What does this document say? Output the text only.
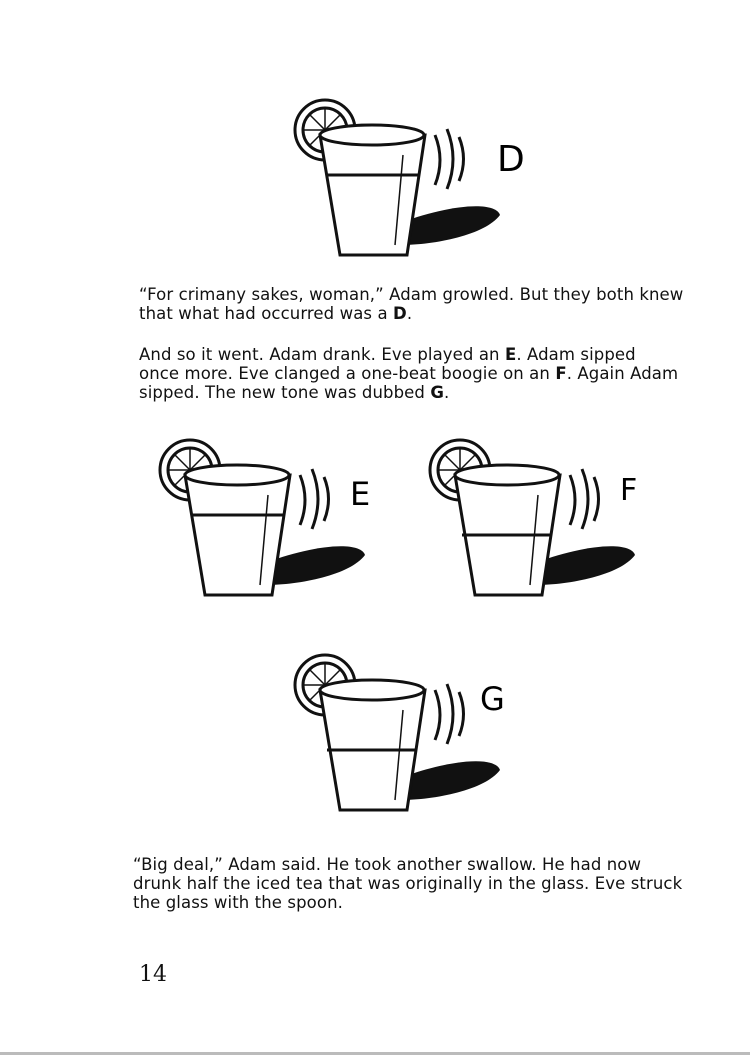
D

“For crimany sakes, woman,” Adam growled. But they both knew
that what had occurred was a D.

And so it went. Adam drank. Eve played an E. Adam sipped
once more. Eve clanged a one-beat boogie on an F. Again Adam
sipped. The new tone was dubbed G.

E	F
G

“Big deal,” Adam said. He took another swallow. He had now
drunk half the iced tea that was originally in the glass. Eve struck
the glass with the spoon.

14
